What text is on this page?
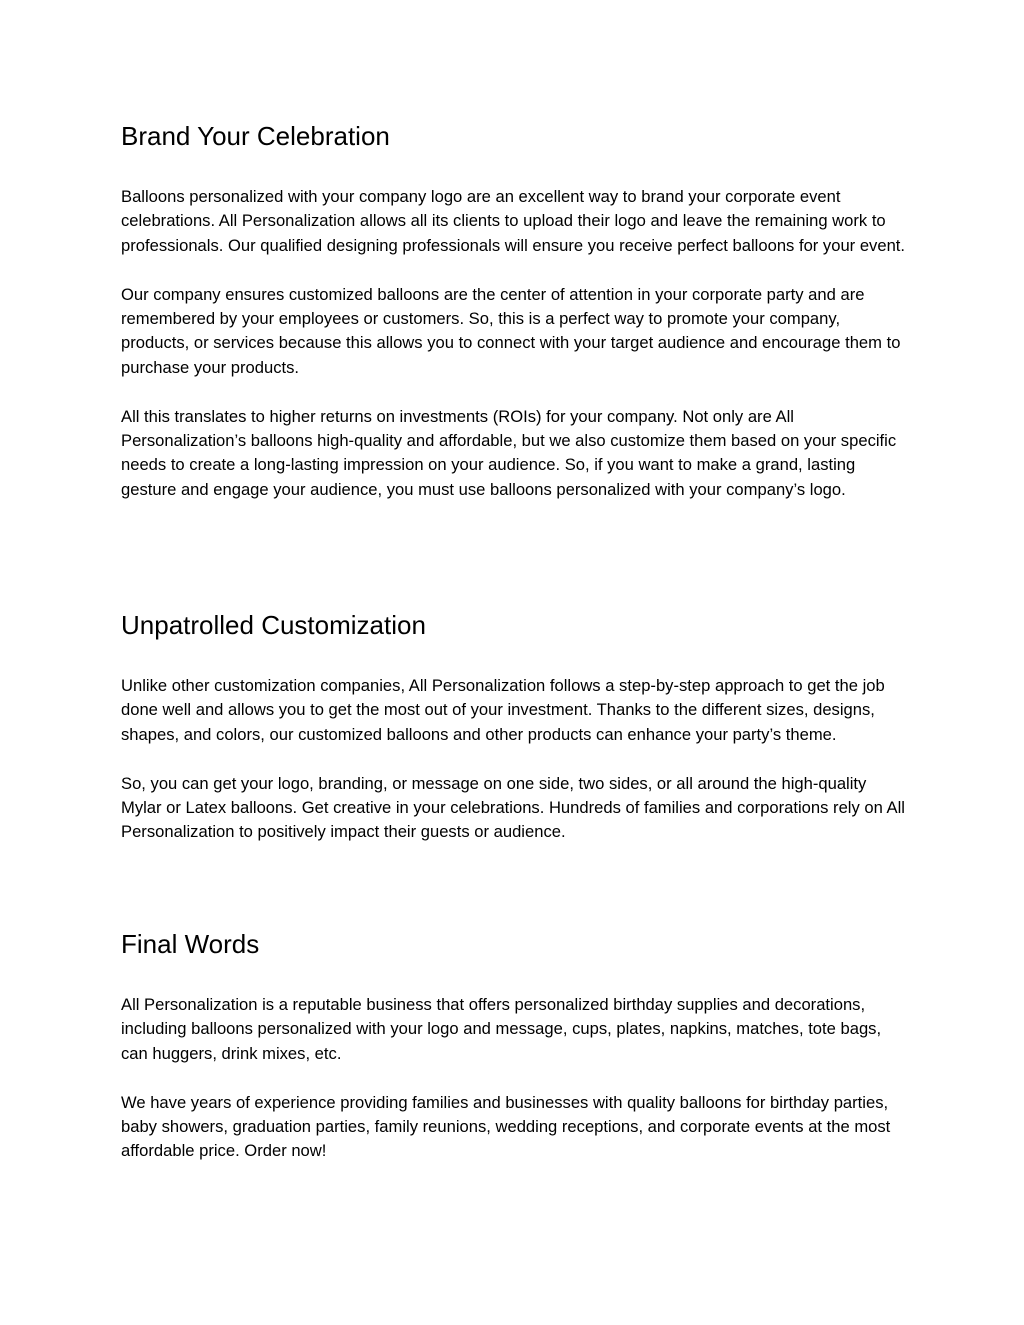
Brand Your Celebration

Balloons personalized with your company logo are an excellent way to brand your corporate event celebrations. All Personalization allows all its clients to upload their logo and leave the remaining work to professionals. Our qualified designing professionals will ensure you receive perfect balloons for your event.

Our company ensures customized balloons are the center of attention in your corporate party and are remembered by your employees or customers. So, this is a perfect way to promote your company, products, or services because this allows you to connect with your target audience and encourage them to purchase your products.

All this translates to higher returns on investments (ROIs) for your company. Not only are All Personalization’s balloons high-quality and affordable, but we also customize them based on your specific needs to create a long-lasting impression on your audience. So, if you want to make a grand, lasting gesture and engage your audience, you must use balloons personalized with your company’s logo.

Unpatrolled Customization

Unlike other customization companies, All Personalization follows a step-by-step approach to get the job done well and allows you to get the most out of your investment. Thanks to the different sizes, designs, shapes, and colors, our customized balloons and other products can enhance your party’s theme.

So, you can get your logo, branding, or message on one side, two sides, or all around the high-quality Mylar or Latex balloons. Get creative in your celebrations. Hundreds of families and corporations rely on All Personalization to positively impact their guests or audience.

Final Words

All Personalization is a reputable business that offers personalized birthday supplies and decorations, including balloons personalized with your logo and message, cups, plates, napkins, matches, tote bags, can huggers, drink mixes, etc.

We have years of experience providing families and businesses with quality balloons for birthday parties, baby showers, graduation parties, family reunions, wedding receptions, and corporate events at the most affordable price. Order now!
